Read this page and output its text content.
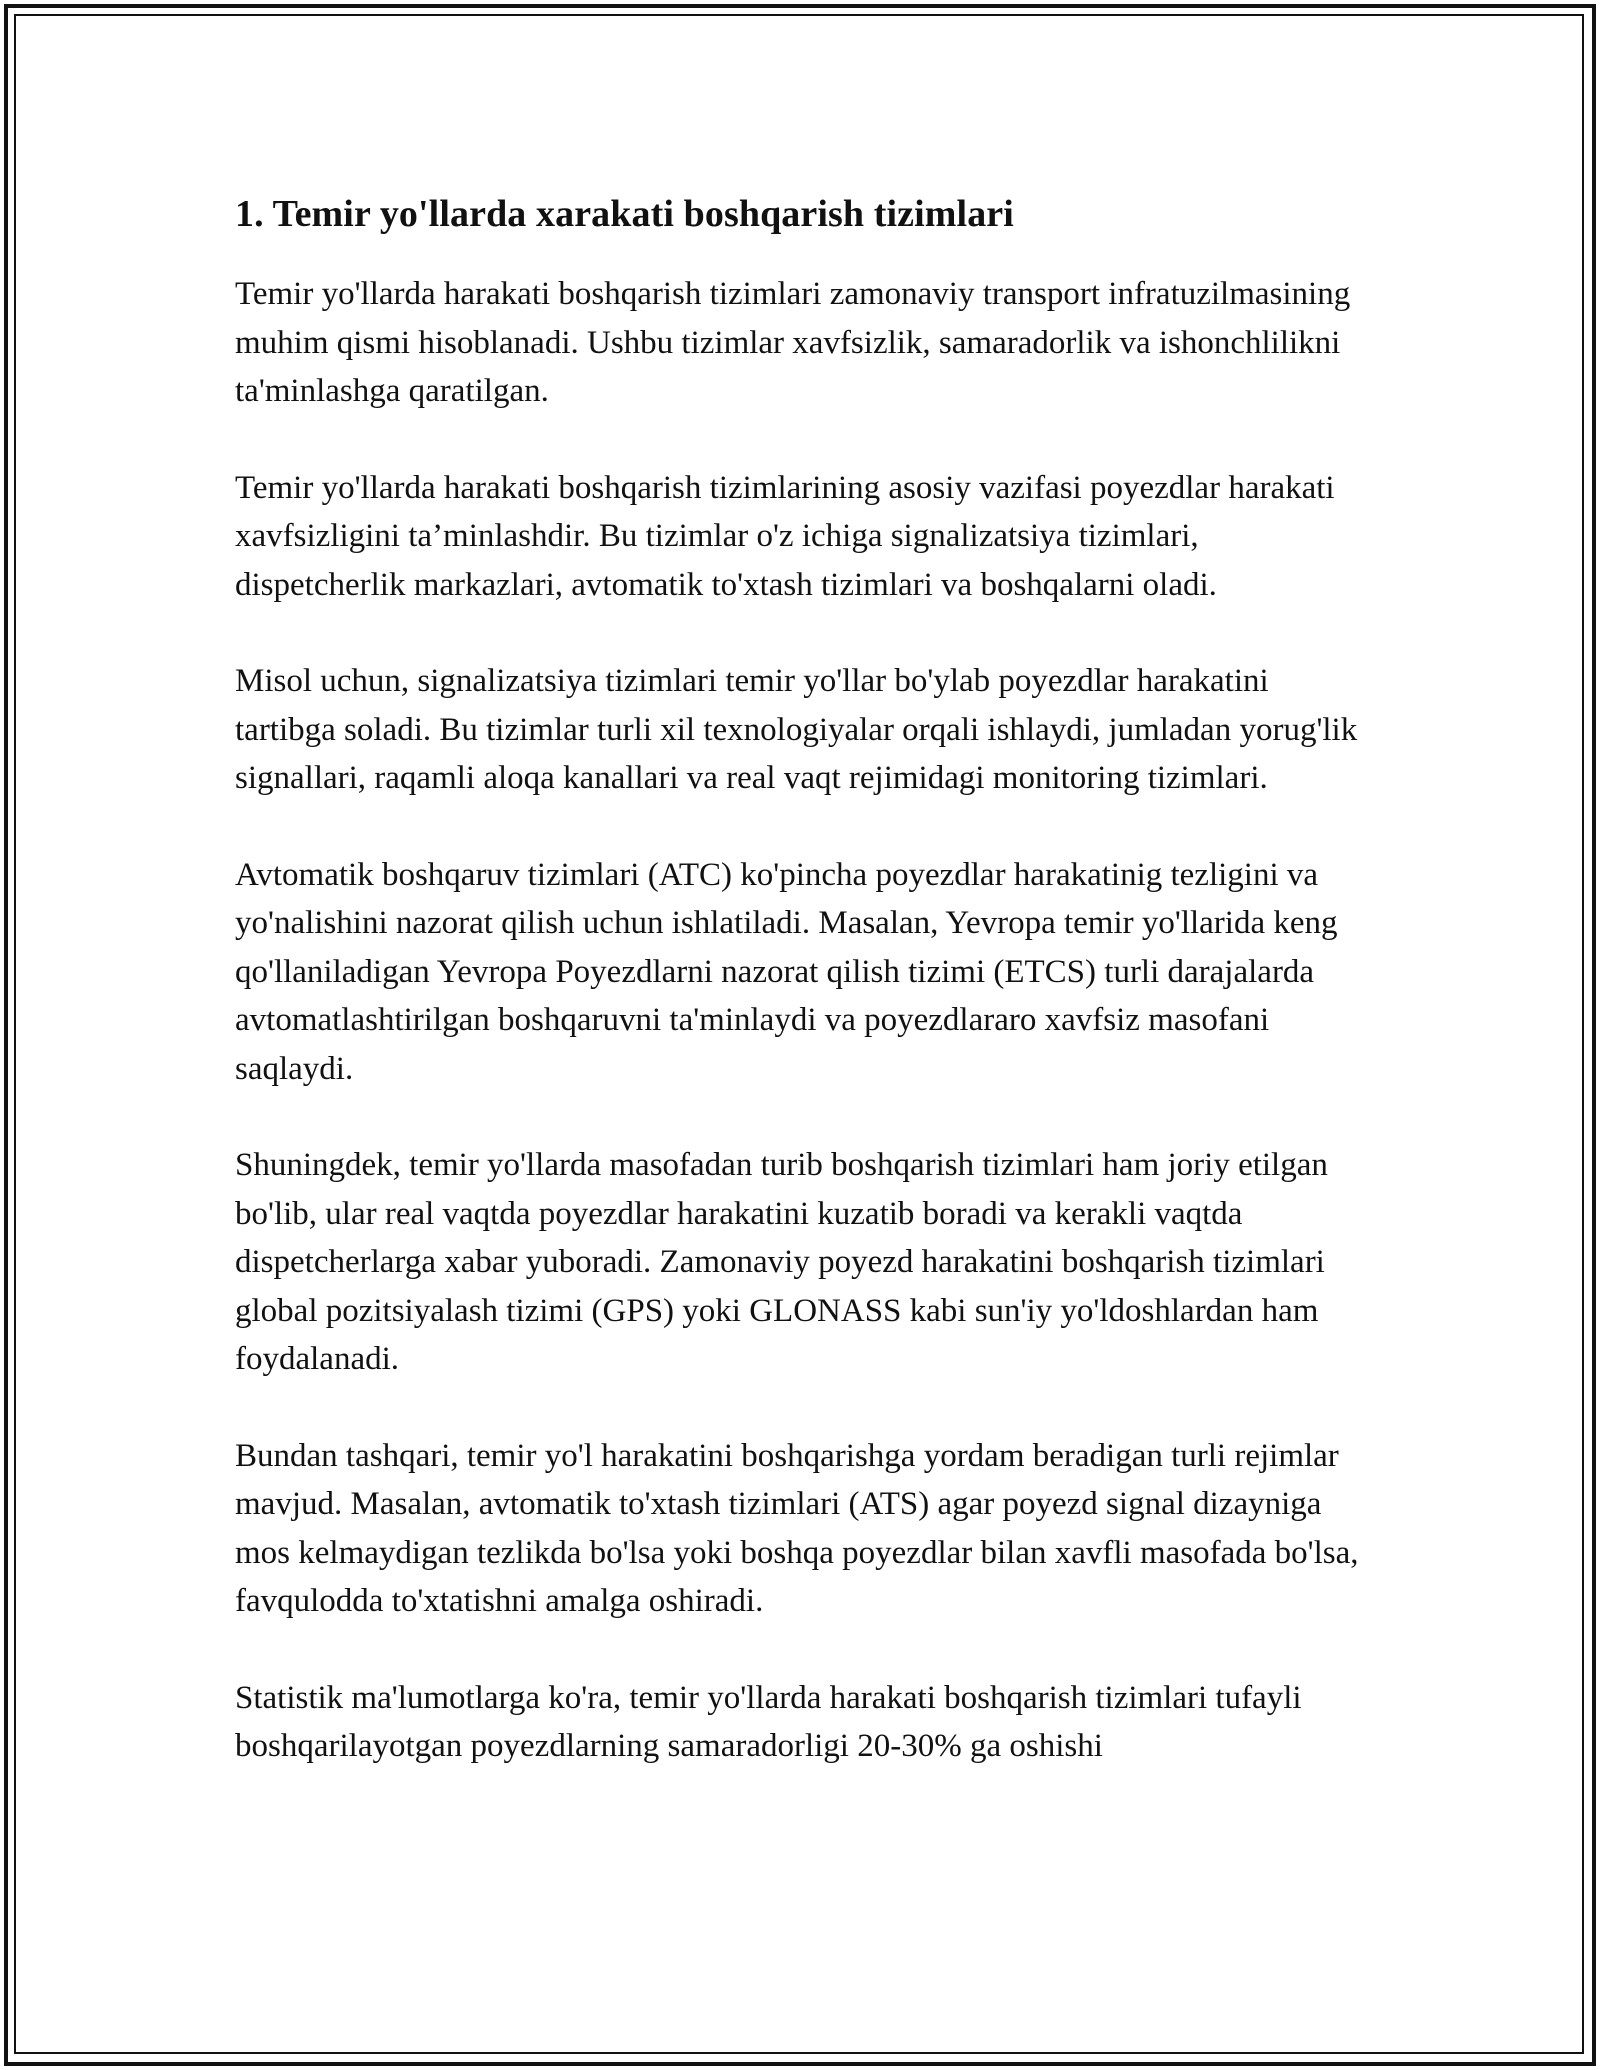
1. Temir yo'llarda xarakati boshqarish tizimlari

Temir yo'llarda harakati boshqarish tizimlari zamonaviy transport infratuzilmasining muhim qismi hisoblanadi. Ushbu tizimlar xavfsizlik, samaradorlik va ishonchlilikni ta'minlashga qaratilgan.

Temir yo'llarda harakati boshqarish tizimlarining asosiy vazifasi poyezdlar harakati xavfsizligini ta’minlashdir. Bu tizimlar o'z ichiga signalizatsiya tizimlari, dispetcherlik markazlari, avtomatik to'xtash tizimlari va boshqalarni oladi.

Misol uchun, signalizatsiya tizimlari temir yo'llar bo'ylab poyezdlar harakatini tartibga soladi. Bu tizimlar turli xil texnologiyalar orqali ishlaydi, jumladan yorug'lik signallari, raqamli aloqa kanallari va real vaqt rejimidagi monitoring tizimlari.

Avtomatik boshqaruv tizimlari (ATC) ko'pincha poyezdlar harakatinig tezligini va yo'nalishini nazorat qilish uchun ishlatiladi. Masalan, Yevropa temir yo'llarida keng qo'llaniladigan Yevropa Poyezdlarni nazorat qilish tizimi (ETCS) turli darajalarda avtomatlashtirilgan boshqaruvni ta'minlaydi va poyezdlararo xavfsiz masofani saqlaydi.

Shuningdek, temir yo'llarda masofadan turib boshqarish tizimlari ham joriy etilgan bo'lib, ular real vaqtda poyezdlar harakatini kuzatib boradi va kerakli vaqtda dispetcherlarga xabar yuboradi. Zamonaviy poyezd harakatini boshqarish tizimlari global pozitsiyalash tizimi (GPS) yoki GLONASS kabi sun'iy yo'ldoshlardan ham foydalanadi.

Bundan tashqari, temir yo'l harakatini boshqarishga yordam beradigan turli rejimlar mavjud. Masalan, avtomatik to'xtash tizimlari (ATS) agar poyezd signal dizayniga mos kelmaydigan tezlikda bo'lsa yoki boshqa poyezdlar bilan xavfli masofada bo'lsa, favqulodda to'xtatishni amalga oshiradi.

Statistik ma'lumotlarga ko'ra, temir yo'llarda harakati boshqarish tizimlari tufayli boshqarilayotgan poyezdlarning samaradorligi 20-30% ga oshishi
